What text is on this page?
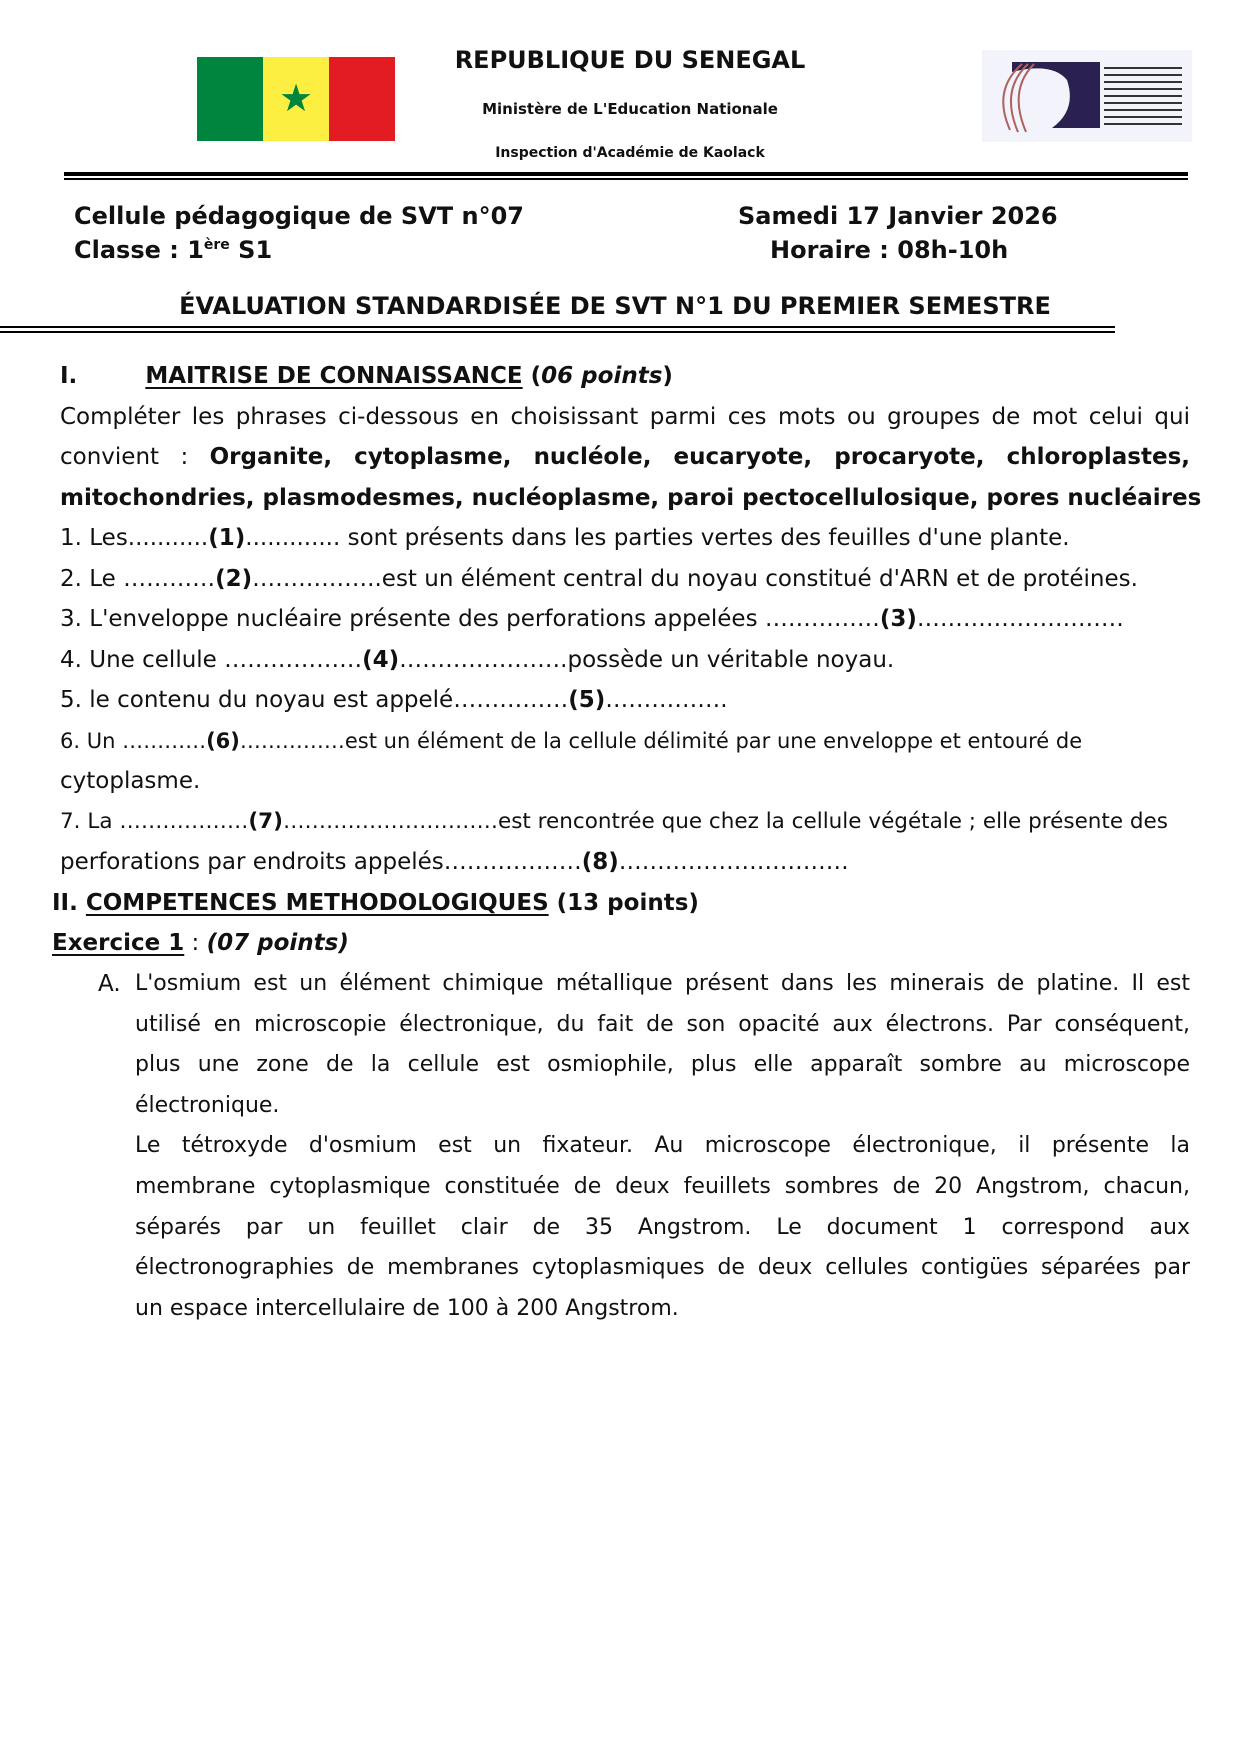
★
REPUBLIQUE DU SENEGAL
Ministère de L'Education Nationale
Inspection d'Académie de Kaolack
Cellule pédagogique de SVT n°07
Classe : 1ère S1
Samedi 17 Janvier 2026
Horaire : 08h-10h
ÉVALUATION STANDARDISÉE DE SVT N°1 DU PREMIER SEMESTRE
I.	MAITRISE DE CONNAISSANCE (06 points)
Compléter les phrases ci-dessous en choisissant parmi ces mots ou groupes de mot celui qui
convient : Organite, cytoplasme, nucléole, eucaryote, procaryote, chloroplastes,
mitochondries, plasmodesmes, nucléoplasme, paroi pectocellulosique, pores nucléaires
1. Les...........(1)............. sont présents dans les parties vertes des feuilles d'une plante.
2. Le …………(2)……………..est un élément central du noyau constitué d'ARN et de protéines.
3. L'enveloppe nucléaire présente des perforations appelées ……………(3)………………………
4. Une cellule ………………(4)………………….possède un véritable noyau.
5. le contenu du noyau est appelé……………(5)…………….
6. Un …………(6)……………est un élément de la cellule délimité par une enveloppe et entouré de
cytoplasme.
7. La ………………(7)…………………………est rencontrée que chez la cellule végétale ; elle présente des
perforations par endroits appelés………………(8)…………………………
II. COMPETENCES METHODOLOGIQUES (13 points)
Exercice 1 : (07 points)
A. L'osmium est un élément chimique métallique présent dans les minerais de platine. Il est
utilisé en microscopie électronique, du fait de son opacité aux électrons. Par conséquent,
plus une zone de la cellule est osmiophile, plus elle apparaît sombre au microscope
électronique.
Le tétroxyde d'osmium est un fixateur. Au microscope électronique, il présente la
membrane cytoplasmique constituée de deux feuillets sombres de 20 Angstrom, chacun,
séparés par un feuillet clair de 35 Angstrom. Le document 1 correspond aux
électronographies de membranes cytoplasmiques de deux cellules contigües séparées par
un espace intercellulaire de 100 à 200 Angstrom.
